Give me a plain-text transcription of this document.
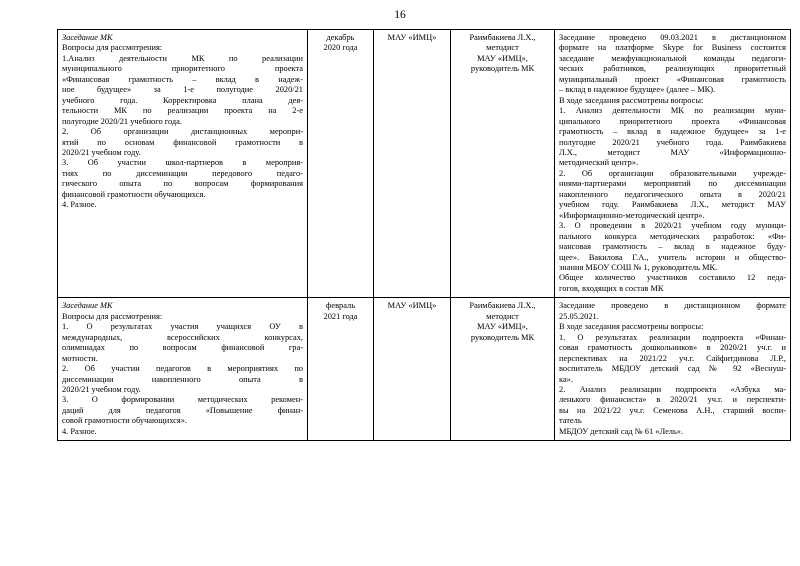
16
Заседание МК
Вопросы для рассмотрения:
1.Анализ деятельности МК по реализации
муниципального приоритетного проекта
«Финансовая грамотность – вклад в надеж-
ное будущее» за 1-е полугодие 2020/21
учебного года. Корректировка плана дея-
тельности МК по реализации проекта на 2-е
полугодие 2020/21 учебного года.
2. Об организации дистанционных меропри-
ятий по основам финансовой грамотности в
2020/21 учебном году.
3. Об участии школ-партнеров в мероприя-
тиях по диссеминации передового педаго-
гического опыта по вопросам формирования
финансовой грамотности обучающихся.
4. Разное.

декабрь
2020 года

МАУ «ИМЦ»	Раимбакиева Л.Х.,
методист
МАУ «ИМЦ»,
руководитель МК

Заседание проведено 09.03.2021 в дистанционном
формате на платформе Skype for Business состоится
заседание межфункциональной команды педагоги-
ческих работников, реализующих приоритетный
муниципальный проект «Финансовая грамотность
– вклад в надежное будущее» (далее – МК).
В ходе заседания рассмотрены вопросы:
1. Анализ деятельности МК по реализации муни-
ципального приоритетного проекта «Финансовая
грамотность – вклад в надежное будущее» за 1-е
полугодие 2020/21 учебного года. Раимбакиева
Л.Х., методист МАУ «Информационно-
методический центр».
2. Об организации образовательными учрежде-
ниями-партнерами мероприятий по диссеминации
накопленного педагогического опыта в 2020/21
учебном году. Раимбакиева Л.Х., методист МАУ
«Информационно-методический центр».
3. О проведении в 2020/21 учебном году муници-
пального конкурса методических разработок: «Фи-
нансовая грамотность – вклад в надежное буду-
щее». Вакилова Г.А., учитель истории и общество-
знания МБОУ СОШ № 1, руководитель МК.
Общее количество участников составило 12 педа-
гогов, входящих в состав МК

Заседание МК
Вопросы для рассмотрения:
1. О результатах участия учащихся ОУ в
международных, всероссийских конкурсах,
олимпиадах по вопросам финансовой гра-
мотности.
2. Об участии педагогов в мероприятиях по
диссеминации накопленного опыта в
2020/21 учебном году.
3. О формировании методических рекомен-
даций для педагогов «Повышение финан-
совой грамотности обучающихся».
4. Разное.

февраль
2021 года

МАУ «ИМЦ»	Раимбакиева Л.Х.,
методист
МАУ «ИМЦ»,
руководитель МК

Заседание проведено в дистанционном формате
25.05.2021.
В ходе заседания рассмотрены вопросы:
1. О результатах реализации подпроекта «Финан-
совая грамотность дошкольников» в 2020/21 уч.г. и
перспективах на 2021/22 уч.г. Сайфитдинова Л.Р.,
воспитатель МБДОУ детский сад № 92 «Веснуш-
ка».
2. Анализ реализации подпроекта «Азбука ма-
ленького финансиста» в 2020/21 уч.г. и перспекти-
вы на 2021/22 уч.г. Семенова А.Н., старший воспи-
татель
МБДОУ детский сад № 61 «Лель».
